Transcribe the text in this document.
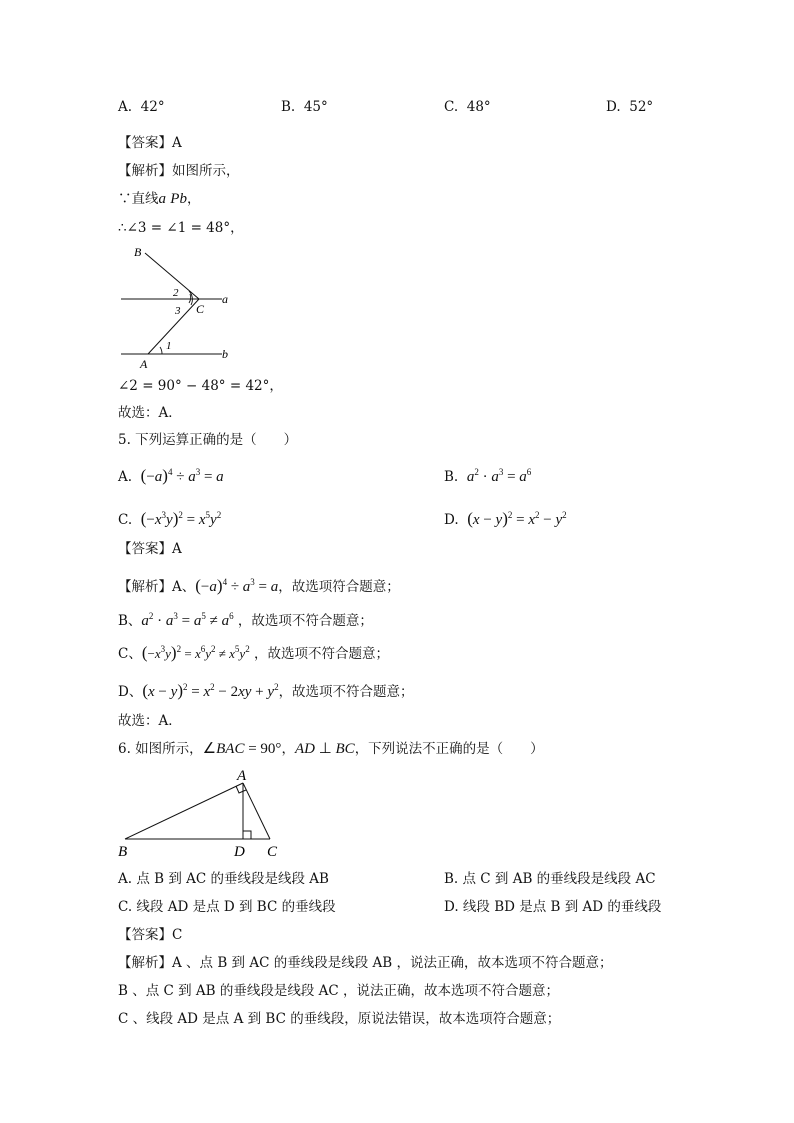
A. 42°	B. 45°	C. 48°	D. 52°
【答案】A
【解析】如图所示，
∵直线a Pb，
∴∠3 = ∠1 = 48°，
B
2
3 C
a
b
1
A
∠2 = 90° − 48° = 42°，
故选：A．
5. 下列运算正确的是（　　）
A. $(-a)^4 \div a^3 = a$	B. $a^2 \cdot a^3 = a^6$
C. $(-x^3y)^2 = x^5y^2$	D. $(x - y)^2 = x^2 - y^2$
【答案】A
【解析】A、$(-a)^4 \div a^3 = a$，故选项符合题意；
B、$a^2 \cdot a^3 = a^5 \ne a^6$ ，故选项不符合题意；
C、$(-x^3y)^2 = x^6y^2 \ne x^5y^2$ ，故选项不符合题意；
D、$(x - y)^2 = x^2 - 2xy + y^2$，故选项不符合题意；
故选：A．
6. 如图所示，∠BAC = 90°，AD ⊥ BC，下列说法不正确的是（　　）
A
B	D C
A. 点 B 到 AC 的垂线段是线段 AB	B. 点 C 到 AB 的垂线段是线段 AC
C. 线段 AD 是点 D 到 BC 的垂线段	D. 线段 BD 是点 B 到 AD 的垂线段
【答案】C
【解析】A 、点 B 到 AC 的垂线段是线段 AB ，说法正确，故本选项不符合题意；
B 、点 C 到 AB 的垂线段是线段 AC ，说法正确，故本选项不符合题意；
C 、线段 AD 是点 A 到 BC 的垂线段，原说法错误，故本选项符合题意；
